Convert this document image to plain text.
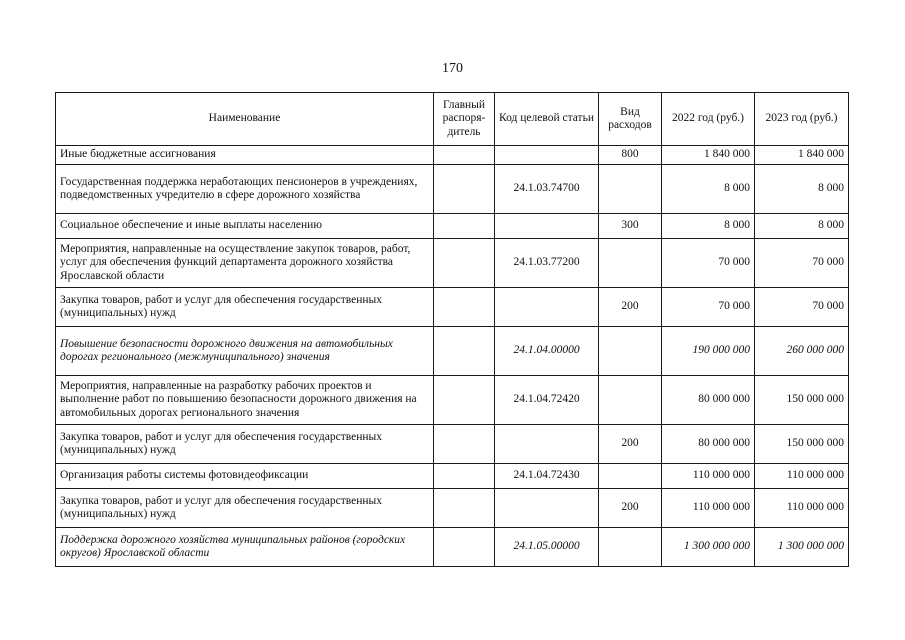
170
Наименование	Главный распоря-дитель	Код целевой статьи	Вид расходов	2022 год (руб.)	2023 год (руб.)
Иные бюджетные ассигнования			800	1 840 000	1 840 000
Государственная поддержка неработающих пенсионеров в учреждениях, подведомственных учредителю в сфере дорожного хозяйства		24.1.03.74700		8 000	8 000
Социальное обеспечение и иные выплаты населению			300	8 000	8 000
Мероприятия, направленные на осуществление закупок товаров, работ, услуг для обеспечения функций департамента дорожного хозяйства Ярославской области		24.1.03.77200		70 000	70 000
Закупка товаров, работ и услуг для обеспечения государственных (муниципальных) нужд			200	70 000	70 000
Повышение безопасности дорожного движения на автомобильных дорогах регионального (межмуниципального) значения		24.1.04.00000		190 000 000	260 000 000
Мероприятия, направленные на разработку рабочих проектов и выполнение работ по повышению безопасности дорожного движения на автомобильных дорогах регионального значения		24.1.04.72420		80 000 000	150 000 000
Закупка товаров, работ и услуг для обеспечения государственных (муниципальных) нужд			200	80 000 000	150 000 000
Организация работы системы фотовидеофиксации		24.1.04.72430		110 000 000	110 000 000
Закупка товаров, работ и услуг для обеспечения государственных (муниципальных) нужд			200	110 000 000	110 000 000
Поддержка дорожного хозяйства муниципальных районов (городских округов) Ярославской области		24.1.05.00000		1 300 000 000	1 300 000 000
